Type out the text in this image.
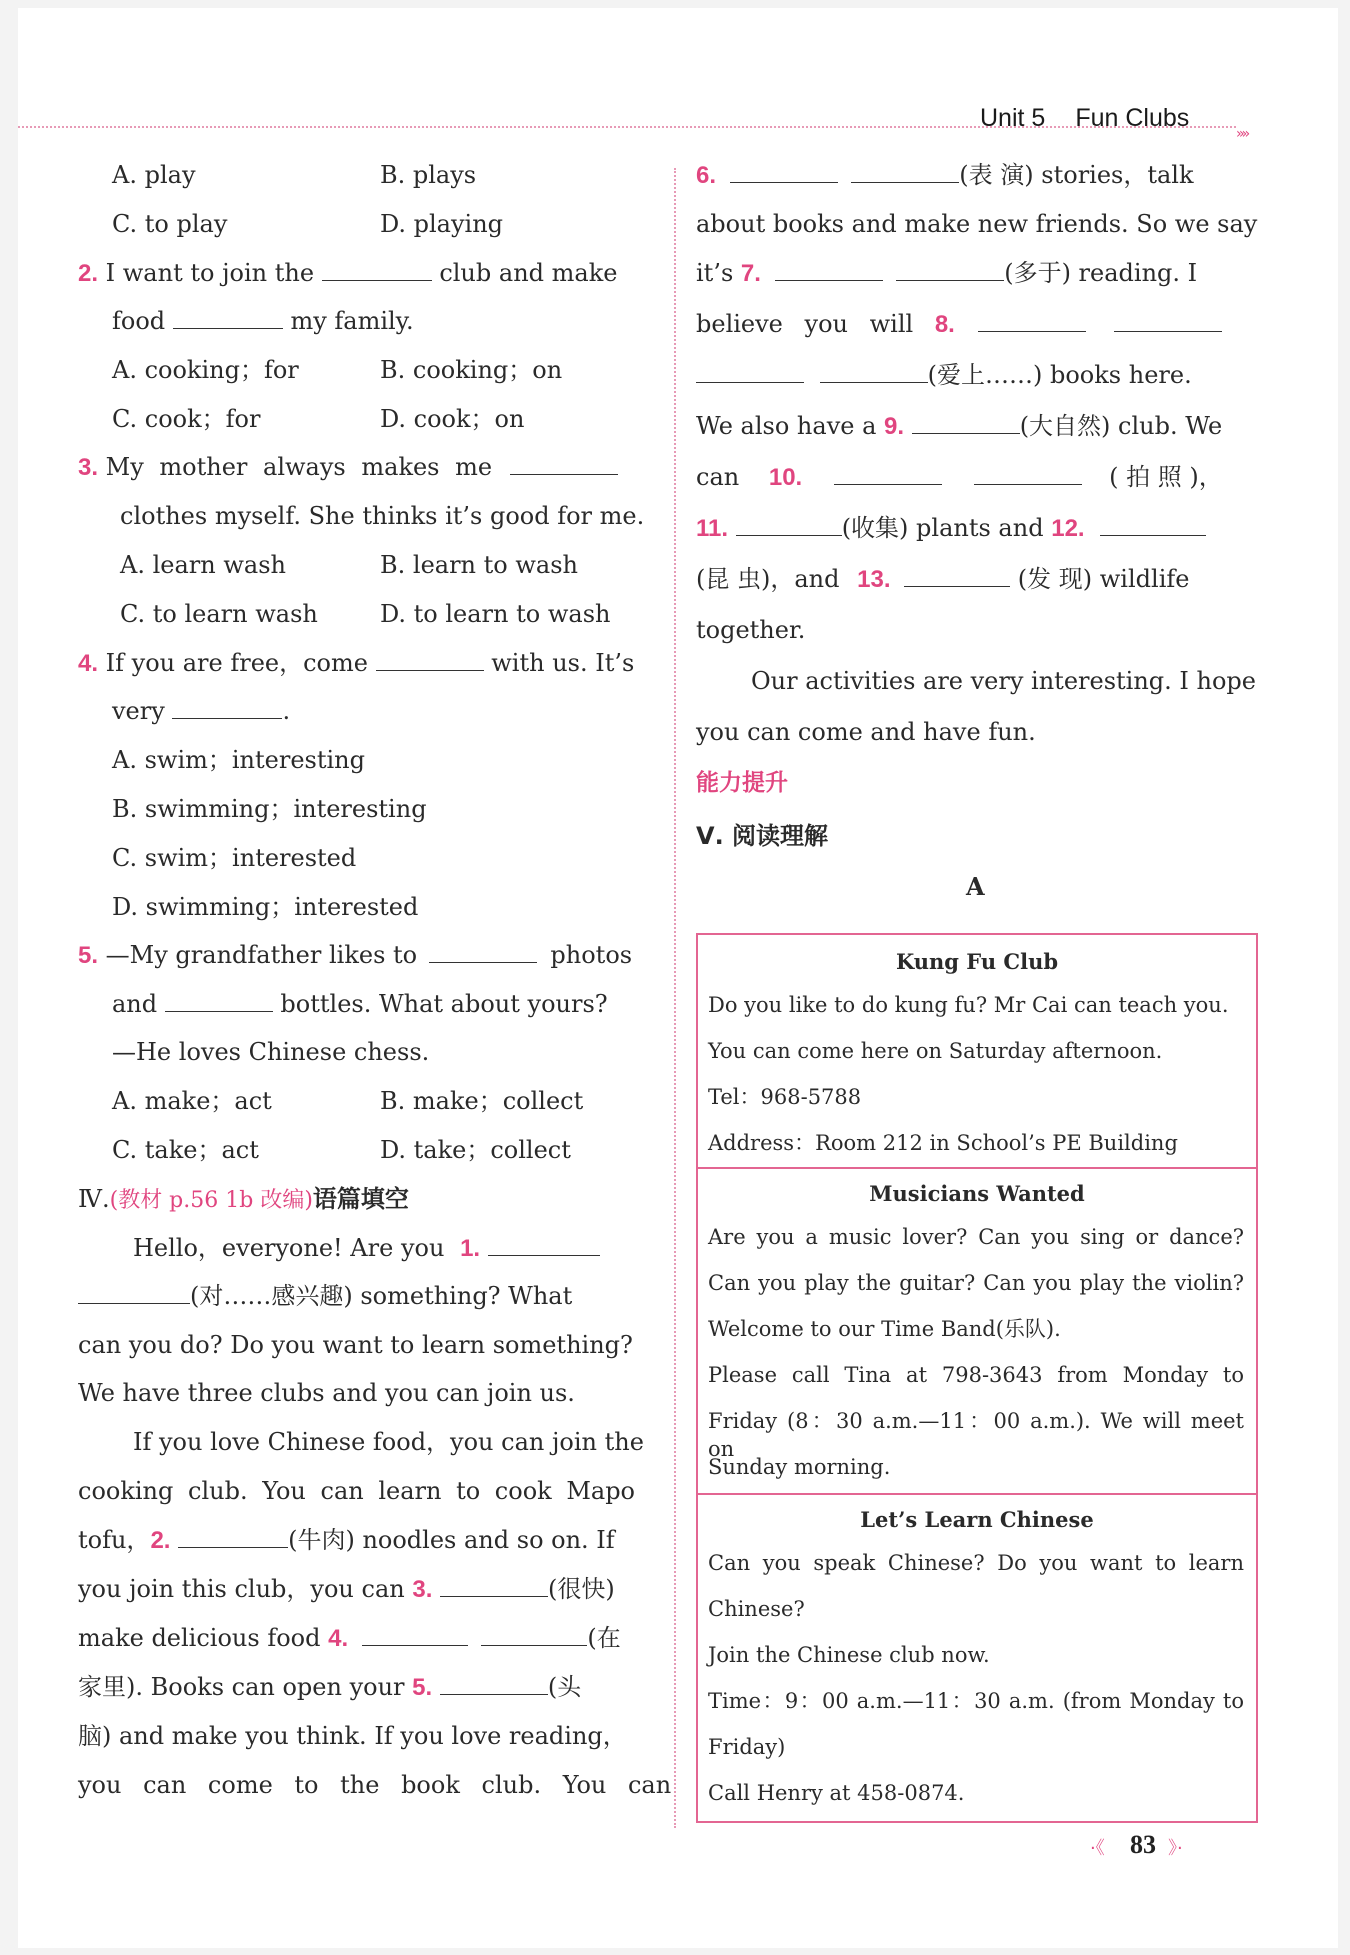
Unit 5 Fun Clubs
»»
A. play	B. plays
C. to play	D. playing
2. I want to join the	club and make
food	my family.
A. cooking；for	B. cooking；on
C. cook；for	D. cook；on
3. My mother always makes me
clothes myself. She thinks it’s good for me.
A. learn wash	B. learn to wash
C. to learn wash	D. to learn to wash
4. If you are free，come	with us. It’s
very	.
A. swim；interesting
B. swimming；interesting
C. swim；interested
D. swimming；interested
5. —My grandfather likes to	photos
and	bottles. What about yours?
—He loves Chinese chess.
A. make；act	B. make；collect
C. take；act	D. take；collect
Ⅳ.(教材 p.56 1b 改编)语篇填空
Hello，everyone! Are you 1.
(对……感兴趣) something? What
can you do? Do you want to learn something?
We have three clubs and you can join us.
If you love Chinese food，you can join the
cooking club. You can learn to cook Mapo
tofu，2.	(牛肉) noodles and so on. If
you join this club，you can 3.	(很快)
make delicious food 4.	(在
家里). Books can open your 5.	(头
脑) and make you think. If you love reading，
you can come to the book club. You can
6.	(表 演) stories，talk
about books and make new friends. So we say
it’s 7.	(多于) reading. I
believe you will 8.
(爱上……) books here.
We also have a 9.	(大自然) club. We
can 10.	( 拍 照 )，
11.	(收集) plants and 12.
(昆 虫)，and 13.	(发 现) wildlife
together.
Our activities are very interesting. I hope
you can come and have fun.
能力提升
Ⅴ. 阅读理解
A
Kung Fu Club
Do you like to do kung fu? Mr Cai can teach you.
You can come here on Saturday afternoon.
Tel：968-5788
Address：Room 212 in School’s PE Building
Musicians Wanted
Are you a music lover? Can you sing or dance?
Can you play the guitar? Can you play the violin?
Welcome to our Time Band(乐队).
Please call Tina at 798-3643 from Monday to
Friday (8：30 a.m.—11：00 a.m.). We will meet on
Sunday morning.
Let’s Learn Chinese
Can you speak Chinese? Do you want to learn
Chinese?
Join the Chinese club now.
Time：9：00 a.m.—11：30 a.m. (from Monday to
Friday)
Call Henry at 458-0874.
·《 83 》·
